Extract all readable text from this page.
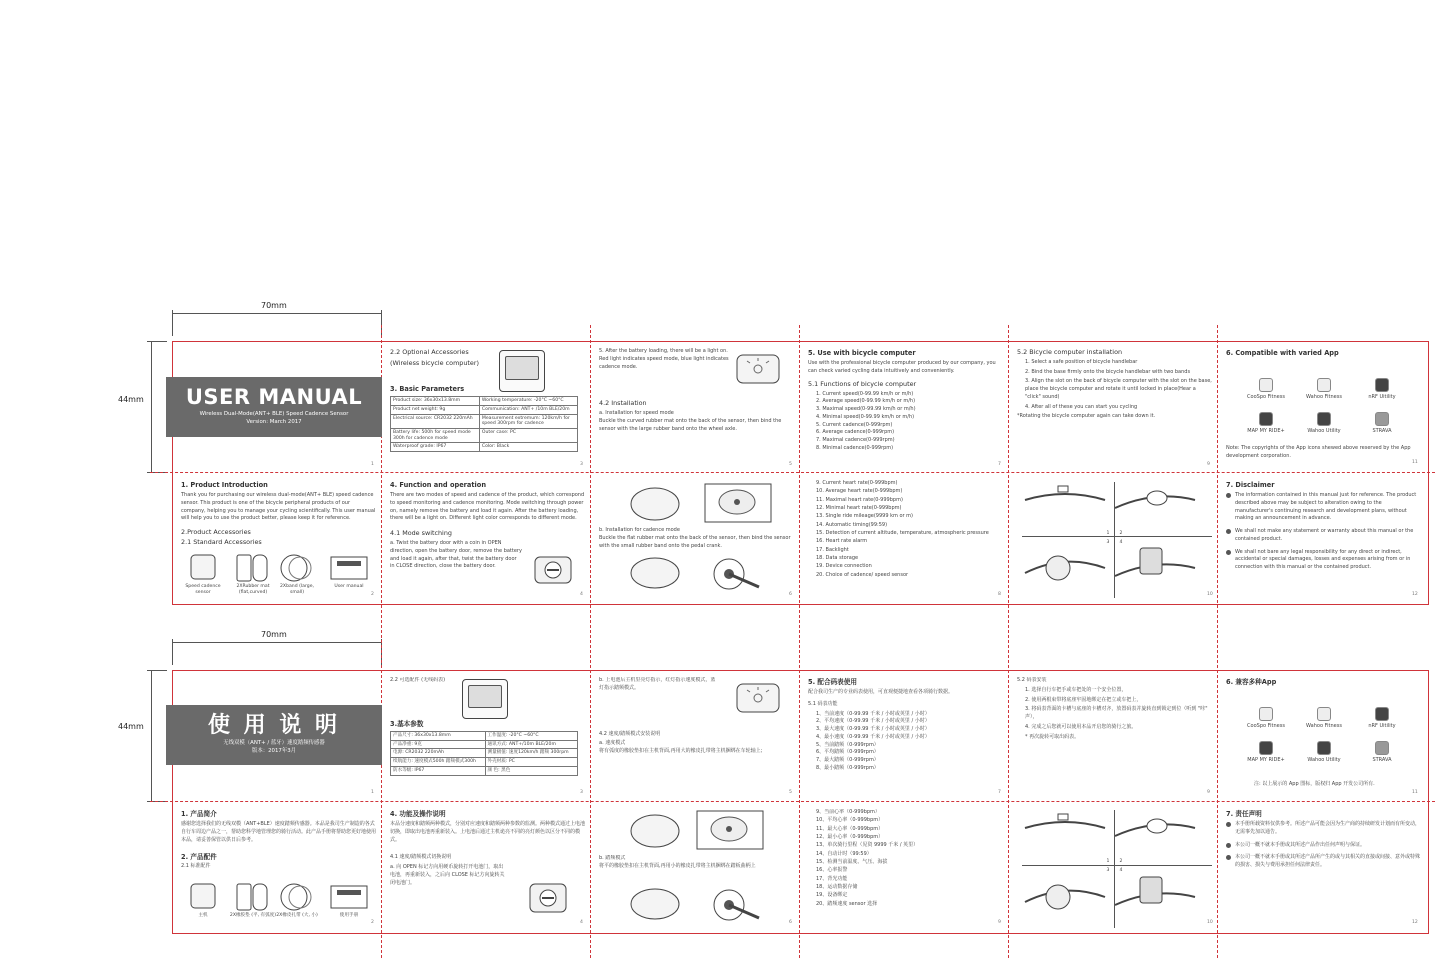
70mm
44mm
70mm
44mm
USER MANUAL
Wireless Dual-Mode(ANT+ BLE) Speed Cadence Sensor
Version: March 2017
1
2.2 Optional Accessories
(Wireless bicycle computer)
3. Basic Parameters
Product size: 36x30x13.8mm	Working temperature: -20°C ~60°C
Product net weight: 9g	Communication: ANT+ /10m BLE/20m
Electrical source: CR2032 220mAh	Measurement extremum: 120km/h for speed 300rpm for cadence
Battery life: 500h for speed mode 300h for cadence mode	Outer case: PC
Waterproof grade: IP67	Color: Black
3
5. After the battery loading, there will be a light on. Red light indicates speed mode, blue light indicates cadence mode.
4.2 Installation
a. Installation for speed mode
Buckle the curved rubber mat onto the back of the sensor, then bind the sensor with the large rubber band onto the wheel axle.
5
5. Use with bicycle computer
Use with the professional bicycle computer produced by our company, you can check varied cycling data intuitively and conveniently.
5.1 Functions of bicycle computer
1. Current speed(0-99.99 km/h or m/h)
2. Average speed(0-99.99 km/h or m/h)
3. Maximal speed(0-99.99 km/h or m/h)
4. Minimal speed(0-99.99 km/h or m/h)
5. Current cadence(0-999rpm)
6. Average cadence(0-999rpm)
7. Maximal cadence(0-999rpm)
8. Minimal cadence(0-999rpm)
7
5.2 Bicycle computer installation
1. Select a safe position of bicycle handlebar
2. Bind the base firmly onto the bicycle handlebar with two bands
3. Align the slot on the back of bicycle computer with the slot on the base, place the bicycle computer and rotate it until locked in place(Hear a "click" sound)
4. After all of these you can start you cycling
*Rotating the bicycle computer again can take down it.
9
6. Compatible with varied App
Note: The copyrights of the App icons shewed above reserved by the App development corporation.
CooSpo Fitness	Wahoo Fitness	nRF Uitility
MAP MY RIDE+	Wahoo Utility	STRAVA
11
1. Product Introduction
Thank you for purchasing our wireless dual-mode(ANT+ BLE) speed cadence sensor. This product is one of the bicycle peripheral products of our company, helping you to manage your cycling scientifically. This user manual will help you to use the product better, please keep it for reference.
2.Product Accessories
2.1 Standard Accessories
Speed cadence sensor
2XRubber mat (flat,curved)
2Xband (large, small)
User manual
2
4. Function and operation
There are two modes of speed and cadence of the product, which correspond to speed monitoring and cadence monitoring. Mode switching through power on, namely remove the battery and load it again. After the battery loading, there will be a light on. Different light color corresponds to different mode.
4.1 Mode switching
a. Twist the battery door with a coin in OPEN direction, open the battery door, remove the battery and load it again, after that, twist the battery door in CLOSE direction, close the battery door.
4
b. Installation for cadence mode
Buckle the flat rubber mat onto the back of the sensor, then bind the sensor with the small rubber band onto the pedal crank.
6
9. Current heart rate(0-999bpm)
10. Average heart rate(0-999bpm)
11. Maximal heart rate(0-999bpm)
12. Minimal heart rate(0-999bpm)
13. Single ride mileage(9999 km or m)
14. Automatic timing(99:59)
15. Detection of current altitude, temperature, atmospheric pressure
16. Heart rate alarm
17. Backlight
18. Data storage
19. Device connection
20. Choice of cadence/ speed sensor
8
1	2
3	4
10
7. Disclaimer
The information contained in this manual just for reference. The product described above may be subject to alteration owing to the manufacturer's continuing research and development plans, without making an announcement in advance.
We shall not make any statement or warranty about this manual or the contained product.
We shall not bare any legal responsibility for any direct or indirect, accidental or special damages, losses and expenses arising from or in connection with this manual or the contained product.
12
使 用 说 明
无线双模（ANT+ / 蓝牙）速度踏频传感器
版本：2017年3月
1
2.2 可选配件 (无线码表)
3.基本参数
产品尺寸: 36x30x13.8mm	工作温度: -20°C ~60°C
产品净重: 9克	通讯方式: ANT+/10m BLE/20m
电源: CR2032 220mAh	测量极值: 速度120km/h 踏频 300rpm
续航能力: 速度模式500h 踏频模式300h	外壳材质: PC
防水等级: IP67	颜 色: 黑色
3
b. 上电池后主机里亮灯指示，红灯指示速度模式，蓝灯指示踏频模式。
4.2 速度/踏频模式安装说明
a. 速度模式
将有弧度的橡胶垫扣在主机背面,再用大的橡皮扎带将主机捆绑在车轮轴上;
5
5. 配合码表使用
配合我司生产的专业码表使用，可直观便捷地查看各项骑行数据。
5.1 码表功能
1、当前速度（0-99.99 千米 / 小时或英里 / 小时）
2、平均速度（0-99.99 千米 / 小时或英里 / 小时）
3、最大速度（0-99.99 千米 / 小时或英里 / 小时）
4、最小速度（0-99.99 千米 / 小时或英里 / 小时）
5、当前踏频（0-999rpm）
6、平均踏频（0-999rpm）
7、最大踏频（0-999rpm）
8、最小踏频（0-999rpm）
7
5.2 码表安装
1. 选择自行车把手或车把处的一个安全位置，
2. 使用两根束带将底座牢固地绑定在把立或车把上，
3. 将码表背面的卡槽与底座的卡槽对齐，放置码表并旋转直到锁定到位（听到 "咔" 声），
4. 完成之后您就可以使用本品开启您的骑行之旅。
* 再次旋转可取出码表。
9
6. 兼容多种App
注: 以上展示的 App 图标，版权归 App 开发公司所有.
CooSpo Fitness	Wahoo Fitness	nRF Uitility
MAP MY RIDE+	Wahoo Utility	STRAVA
11
1. 产品简介
感谢您选择我们的无线双模（ANT+BLE）速度踏频传感器。本品是我司生产制造的各式自行车周边产品之一，帮助您科学地管理您的骑行活动。此产品手册将帮助您更好地使用本品，请妥善保管以供日后参考。
2. 产品配件
2.1 标准配件
主机	2X橡胶垫 (平, 有弧度) 2X橡皮扎带 (大, 小)	使用手册
2
4. 功能及操作说明
本品分速度和踏频两种模式，分别对应速度和踏频两种参数的监测。两种模式通过上电池切换，即取出电池再重新装入。上电池后通过主机诡亮不同的亮灯颜色以区分不同的模式。
4.1 速度/踏频模式切换说明
a. 向 OPEN 标记方向用硬币旋转打开电池门，取出电池，再重新装入，之后向 CLOSE 标记方向旋转关闭电池门。
4
b. 踏频模式
将平的橡胶垫扣在主机背面,再用小的橡皮扎带将主机捆绑在踏板曲柄上
6
9、当前心率（0-999bpm）
10、平均心率（0-999bpm）
11、最大心率（0-999bpm）
12、最小心率（0-999bpm）
13、单次骑行里程（见资 9999 千米 / 英里）
14、自动计时（99:59）
15、检测当前温度、气压、海拔
16、心率报警
17、背光功能
18、运动数据存储
19、设备绑定
20、踏频速度 sensor 选择
9
1	2
3	4
10
7. 责任声明
本手册所载资料仅供参考。所述产品可能会因为生产商的持续研发计划而有所变动，无需事先加以通告。
本公司一概不就本手册或其所述产品作出任何声明与保证。
本公司一概不就本手册或其所述产品所产生的或与其相关的直接或间接、意外或特殊的损害、损失与费用承担任何法律责任。
12
